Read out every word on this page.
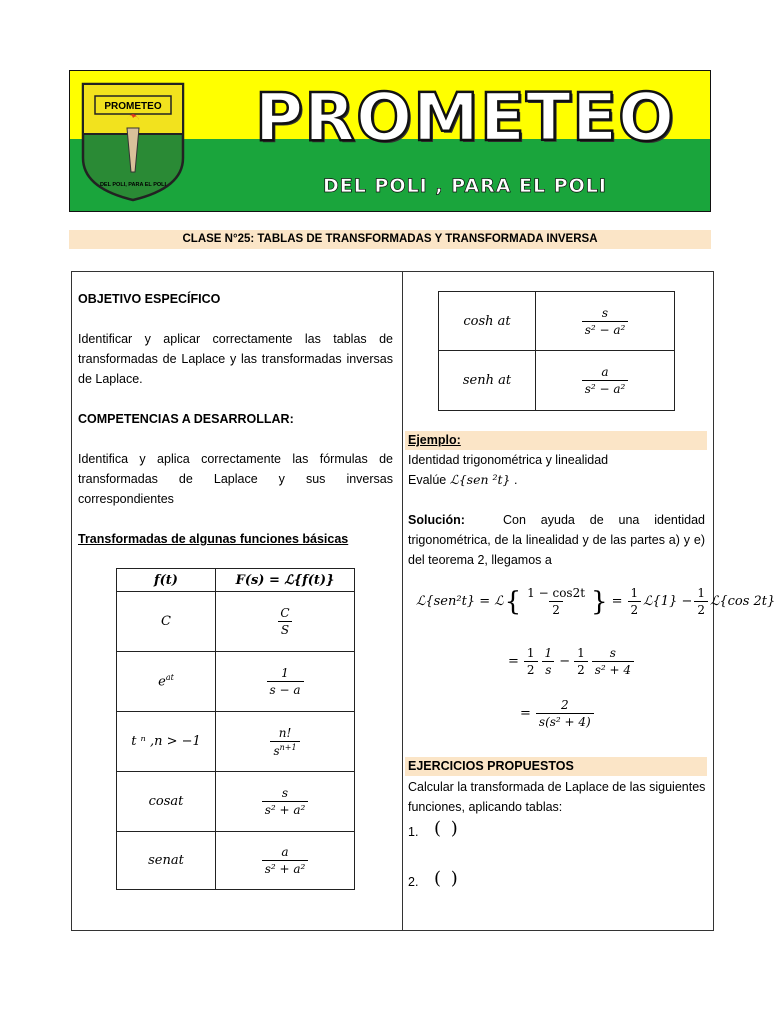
PROMETEO
DEL POLI, PARA EL POLI
PROMETEO
DEL POLI , PARA EL POLI
CLASE N°25: TABLAS DE TRANSFORMADAS Y TRANSFORMADA INVERSA
OBJETIVO ESPECÍFICO
Identificar y aplicar correctamente las tablas de
transformadas de Laplace y las transformadas inversas
de Laplace.
COMPETENCIAS A DESARROLLAR:
Identifica y aplica correctamente las fórmulas de
transformadas de Laplace y sus inversas
correspondientes
Transformadas de algunas funciones básicas
f(t)	F(s) = ℒ{f(t)}
C	$\frac{C}{S}$

$e^{at}$	$\frac{1}{s - a}$

t ⁿ ,n > −1	$\frac{n!}{s^{n+1}}$

cosat	$\frac{s}{\text{s² + a²}}$

senat	$\frac{a}{\text{s² + a²}}$
cosh at	$\frac{s}{\text{s² − a²}}$

senh at	$\frac{a}{\text{s² − a²}}$
Ejemplo:
Identidad trigonométrica y linealidad
Evalúe ℒ{sen ²t} .
Solución:	Con ayuda de una identidad
trigonométrica, de la linealidad y de las partes a) y e)
del teorema 2, llegamos a
ℒ{sen²t} = ℒ { $\frac{1 - \cos 2t}{2}$ } = $\frac{1}{2}$ ℒ{1} − $\frac{1}{2}$ ℒ{cos 2t}
= $\frac{1}{2} \frac{1}{s} - \frac{1}{2} \frac{s}{\text{s² + 4}}$
= $\frac{2}{\text{s(s² + 4)}}$
EJERCICIOS PROPUESTOS
Calcular la transformada de Laplace de las siguientes
funciones, aplicando tablas:
1. ( )
2. ( )
